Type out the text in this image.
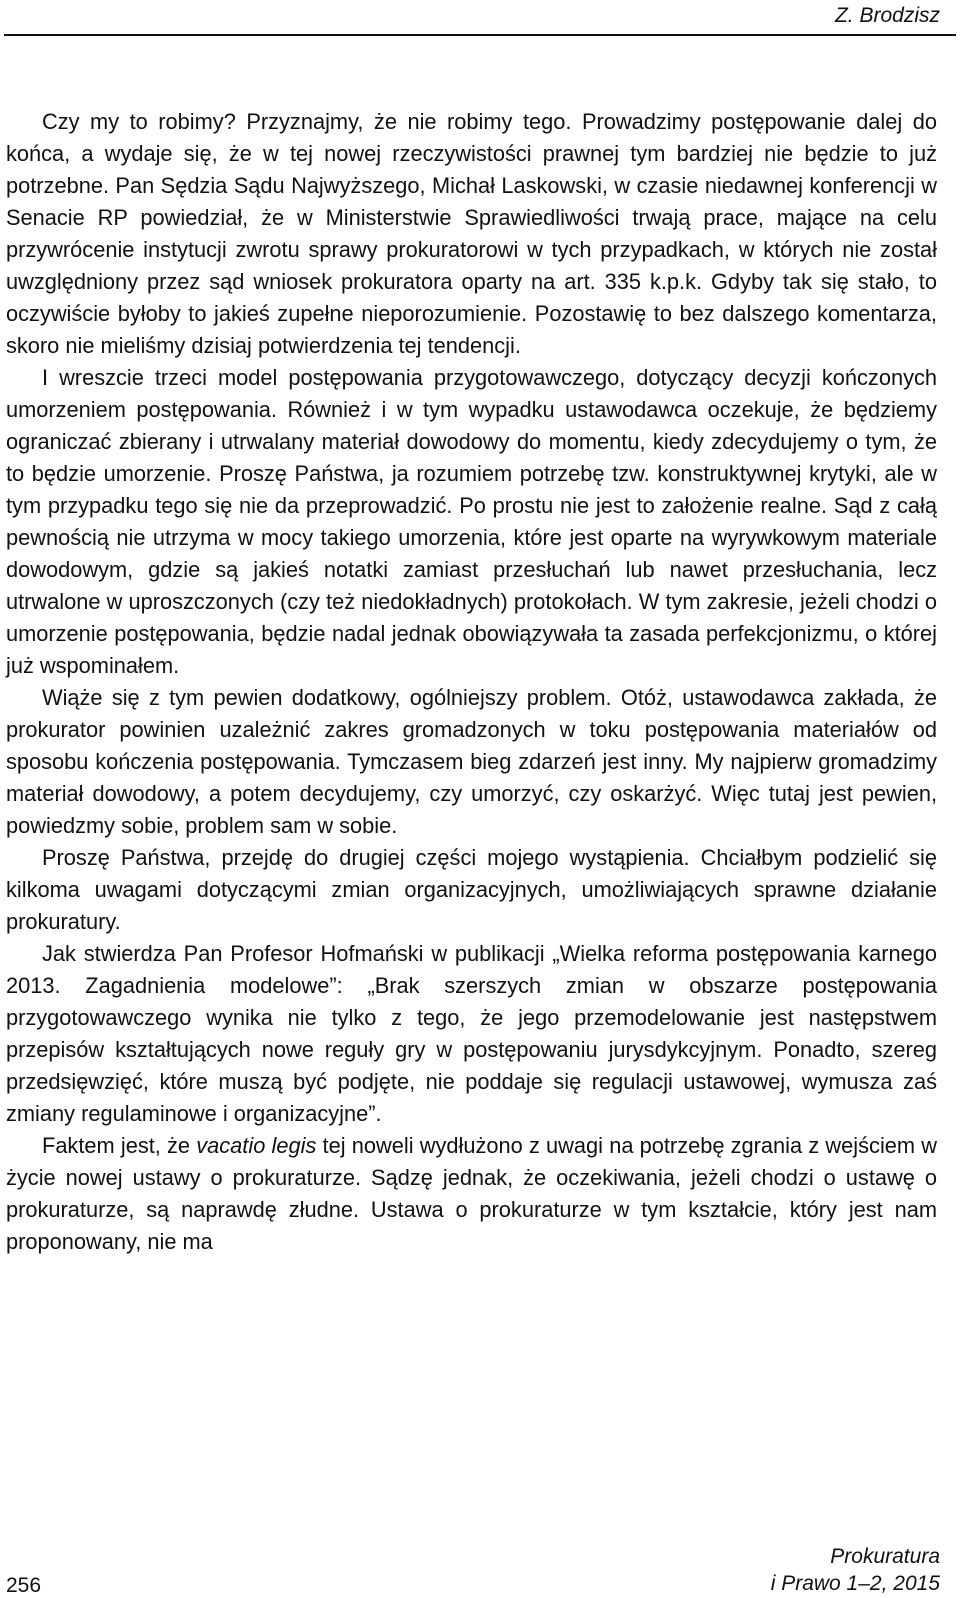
Z. Brodzisz

Czy my to robimy? Przyznajmy, że nie robimy tego. Prowadzimy postępowanie dalej do końca, a wydaje się, że w tej nowej rzeczywistości prawnej tym bardziej nie będzie to już potrzebne. Pan Sędzia Sądu Najwyższego, Michał Laskowski, w czasie niedawnej konferencji w Senacie RP powiedział, że w Ministerstwie Sprawiedliwości trwają prace, mające na celu przywrócenie instytucji zwrotu sprawy prokuratorowi w tych przypadkach, w których nie został uwzględniony przez sąd wniosek prokuratora oparty na art. 335 k.p.k. Gdyby tak się stało, to oczywiście byłoby to jakieś zupełne nieporozumienie. Pozostawię to bez dalszego komentarza, skoro nie mieliśmy dzisiaj potwierdzenia tej tendencji.

I wreszcie trzeci model postępowania przygotowawczego, dotyczący decyzji kończonych umorzeniem postępowania. Również i w tym wypadku ustawodawca oczekuje, że będziemy ograniczać zbierany i utrwalany materiał dowodowy do momentu, kiedy zdecydujemy o tym, że to będzie umorzenie. Proszę Państwa, ja rozumiem potrzebę tzw. konstruktywnej krytyki, ale w tym przypadku tego się nie da przeprowadzić. Po prostu nie jest to założenie realne. Sąd z całą pewnością nie utrzyma w mocy takiego umorzenia, które jest oparte na wyrywkowym materiale dowodowym, gdzie są jakieś notatki zamiast przesłuchań lub nawet przesłuchania, lecz utrwalone w uproszczonych (czy też niedokładnych) protokołach. W tym zakresie, jeżeli chodzi o umorzenie postępowania, będzie nadal jednak obowiązywała ta zasada perfekcjonizmu, o której już wspominałem.

Wiąże się z tym pewien dodatkowy, ogólniejszy problem. Otóż, ustawodawca zakłada, że prokurator powinien uzależnić zakres gromadzonych w toku postępowania materiałów od sposobu kończenia postępowania. Tymczasem bieg zdarzeń jest inny. My najpierw gromadzimy materiał dowodowy, a potem decydujemy, czy umorzyć, czy oskarżyć. Więc tutaj jest pewien, powiedzmy sobie, problem sam w sobie.

Proszę Państwa, przejdę do drugiej części mojego wystąpienia. Chciałbym podzielić się kilkoma uwagami dotyczącymi zmian organizacyjnych, umożliwiających sprawne działanie prokuratury.

Jak stwierdza Pan Profesor Hofmański w publikacji „Wielka reforma postępowania karnego 2013. Zagadnienia modelowe”: „Brak szerszych zmian w obszarze postępowania przygotowawczego wynika nie tylko z tego, że jego przemodelowanie jest następstwem przepisów kształtujących nowe reguły gry w postępowaniu jurysdykcyjnym. Ponadto, szereg przedsięwzięć, które muszą być podjęte, nie poddaje się regulacji ustawowej, wymusza zaś zmiany regulaminowe i organizacyjne”.

Faktem jest, że vacatio legis tej noweli wydłużono z uwagi na potrzebę zgrania z wejściem w życie nowej ustawy o prokuraturze. Sądzę jednak, że oczekiwania, jeżeli chodzi o ustawę o prokuraturze, są naprawdę złudne. Ustawa o prokuraturze w tym kształcie, który jest nam proponowany, nie ma

256
Prokuratura
i Prawo 1–2, 2015
